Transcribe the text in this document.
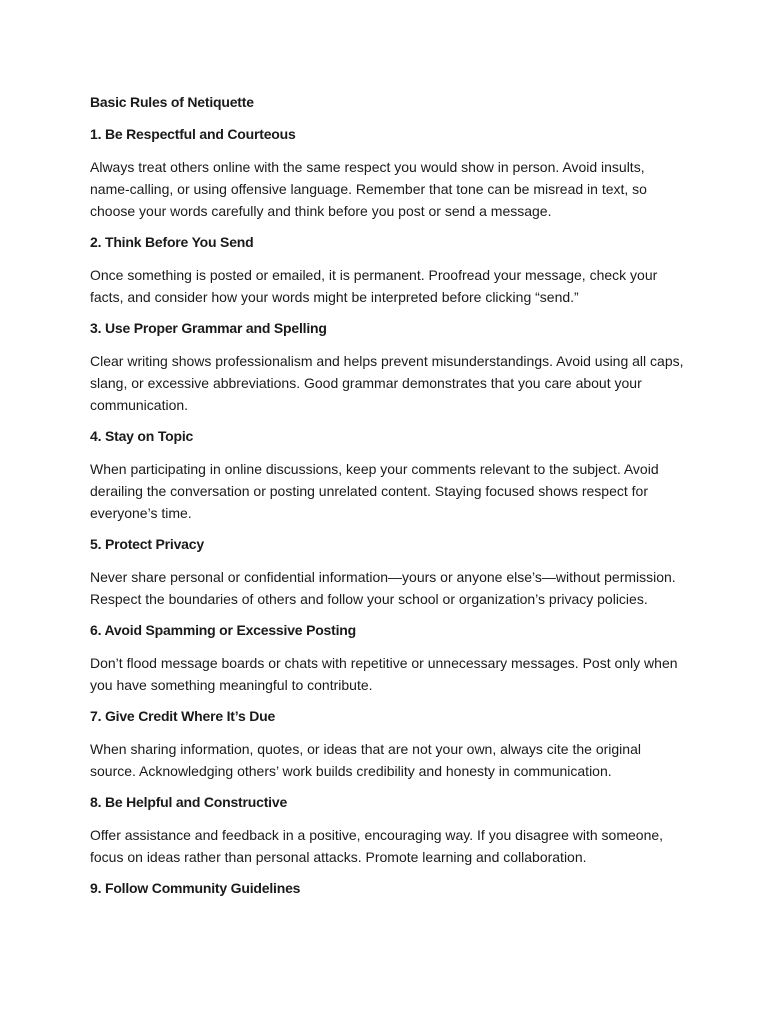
Basic Rules of Netiquette
1. Be Respectful and Courteous
Always treat others online with the same respect you would show in person. Avoid insults,
name-calling, or using offensive language. Remember that tone can be misread in text, so
choose your words carefully and think before you post or send a message.
2. Think Before You Send
Once something is posted or emailed, it is permanent. Proofread your message, check your
facts, and consider how your words might be interpreted before clicking “send.”
3. Use Proper Grammar and Spelling
Clear writing shows professionalism and helps prevent misunderstandings. Avoid using all caps,
slang, or excessive abbreviations. Good grammar demonstrates that you care about your
communication.
4. Stay on Topic
When participating in online discussions, keep your comments relevant to the subject. Avoid
derailing the conversation or posting unrelated content. Staying focused shows respect for
everyone’s time.
5. Protect Privacy
Never share personal or confidential information—yours or anyone else’s—without permission.
Respect the boundaries of others and follow your school or organization’s privacy policies.
6. Avoid Spamming or Excessive Posting
Don’t flood message boards or chats with repetitive or unnecessary messages. Post only when
you have something meaningful to contribute.
7. Give Credit Where It’s Due
When sharing information, quotes, or ideas that are not your own, always cite the original
source. Acknowledging others’ work builds credibility and honesty in communication.
8. Be Helpful and Constructive
Offer assistance and feedback in a positive, encouraging way. If you disagree with someone,
focus on ideas rather than personal attacks. Promote learning and collaboration.
9. Follow Community Guidelines
